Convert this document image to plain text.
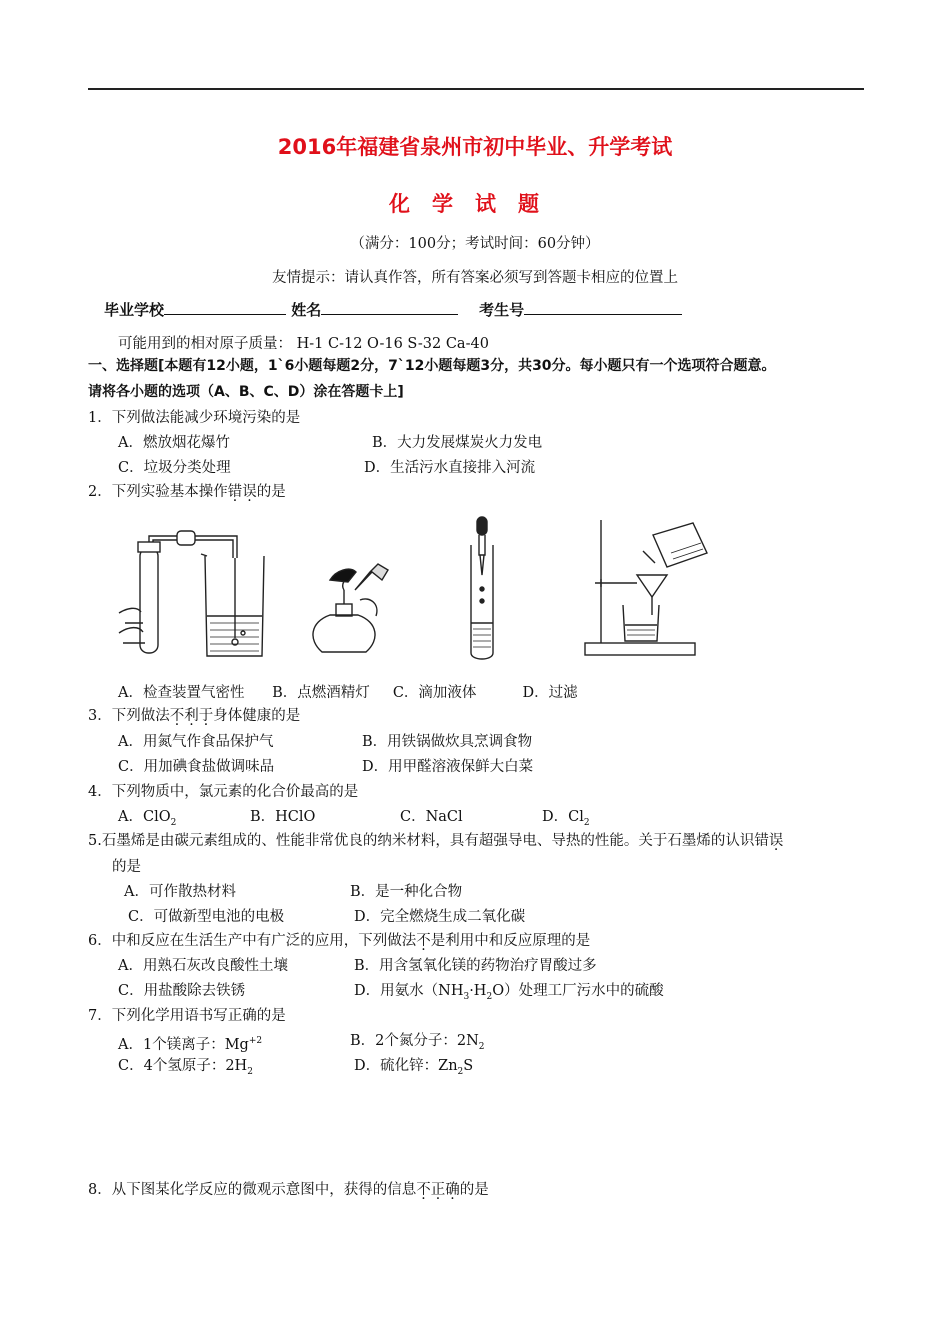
2016年福建省泉州市初中毕业、升学考试
化学试题
（满分：100分；考试时间：60分钟）
友情提示：请认真作答，所有答案必须写到答题卡相应的位置上
毕业学校	姓名	考生号
可能用到的相对原子质量： H-1 C-12 O-16 S-32 Ca-40
一、选择题[本题有12小题，1`6小题每题2分，7`12小题每题3分，共30分。每小题只有一个选项符合题意。
请将各小题的选项（A、B、C、D）涂在答题卡上]
1．下列做法能减少环境污染的是
A．燃放烟花爆竹	B．大力发展煤炭火力发电
C．垃圾分类处理	D．生活污水直接排入河流
2．下列实验基本操作错误的是
A．检查装置气密性      B．点燃酒精灯     C．滴加液体          D．过滤
3．下列做法不利于身体健康的是
A．用氮气作食品保护气	B．用铁锅做炊具烹调食物
C．用加碘食盐做调味品	D．用甲醛溶液保鲜大白菜
4．下列物质中，氯元素的化合价最高的是
A．ClO$_2$	B．HClO	C．NaCl	D．$Cl_2$
5.石墨烯是由碳元素组成的、性能非常优良的纳米材料，具有超强导电、导热的性能。关于石墨烯的认识错误
的是
A．可作散热材料	B．是一种化合物
C．可做新型电池的电极	D．完全燃烧生成二氧化碳
6．中和反应在生活生产中有广泛的应用，下列做法不是利用中和反应原理的是
A．用熟石灰改良酸性土壤	B．用含氢氧化镁的药物治疗胃酸过多
C．用盐酸除去铁锈	D．用氨水$(NH_3\cdot H_2O)$处理工厂污水中的硫酸
7．下列化学用语书写正确的是
A．1个镁离子：$Mg^{+2}$	B．2个氮分子：$2N_2$
C．4个氢原子：$2H_2$	D．硫化锌：$Zn_2S$
8．从下图某化学反应的微观示意图中，获得的信息不正确的是
